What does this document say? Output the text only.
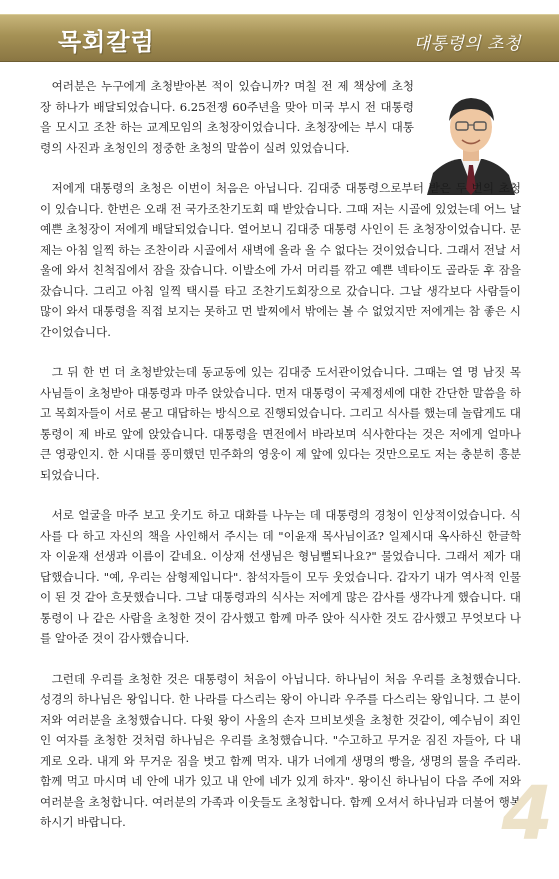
목회칼럼	대통령의 초청

여러분은 누구에게 초청받아본 적이 있습니까? 며칠 전 제 책상에 초청장 하나가 배달되었습니다. 6.25전쟁 60주년을 맞아 미국 부시 전 대통령을 모시고 조찬 하는 교계모임의 초청장이었습니다. 초청장에는 부시 대통령의 사진과 초청인의 정중한 초청의 말씀이 실려 있었습니다.

저에게 대통령의 초청은 이번이 처음은 아닙니다. 김대중 대통령으로부터 받은 두 번의 초청이 있습니다. 한번은 오래 전 국가조찬기도회 때 받았습니다. 그때 저는 시골에 있었는데 어느 날 예쁜 초청장이 저에게 배달되었습니다. 열어보니 김대중 대통령 사인이 든 초청장이었습니다. 문제는 아침 일찍 하는 조찬이라 시골에서 새벽에 올라 올 수 없다는 것이었습니다. 그래서 전날 서울에 와서 친척집에서 잠을 잤습니다. 이발소에 가서 머리를 깎고 예쁜 넥타이도 골라둔 후 잠을 잤습니다. 그리고 아침 일찍 택시를 타고 조찬기도회장으로 갔습니다. 그날 생각보다 사람들이 많이 와서 대통령을 직접 보지는 못하고 먼 발찌에서 밖에는 볼 수 없었지만 저에게는 참 좋은 시간이었습니다.

그 뒤 한 번 더 초청받았는데 동교동에 있는 김대중 도서관이었습니다. 그때는 열 명 남짓 목사님들이 초청받아 대통령과 마주 앉았습니다. 먼저 대통령이 국제정세에 대한 간단한 말씀을 하고 목회자들이 서로 묻고 대답하는 방식으로 진행되었습니다. 그리고 식사를 했는데 놀랍게도 대통령이 제 바로 앞에 앉았습니다. 대통령을 면전에서 바라보며 식사한다는 것은 저에게 얼마나 큰 영광인지. 한 시대를 풍미했던 민주화의 영웅이 제 앞에 있다는 것만으로도 저는 충분히 흥분되었습니다.

서로 얼굴을 마주 보고 웃기도 하고 대화를 나누는 데 대통령의 경청이 인상적이었습니다. 식사를 다 하고 자신의 책을 사인해서 주시는 데 "이윤재 목사님이죠? 일제시대 옥사하신 한글학자 이윤재 선생과 이름이 같네요. 이상재 선생님은 형님뻘되나요?" 물었습니다. 그래서 제가 대답했습니다. "예, 우리는 삼형제입니다". 참석자들이 모두 웃었습니다. 갑자기 내가 역사적 인물이 된 것 같아 흐뭇했습니다. 그날 대통령과의 식사는 저에게 많은 감사를 생각나게 했습니다. 대통령이 나 같은 사람을 초청한 것이 감사했고 함께 마주 앉아 식사한 것도 감사했고 무엇보다 나를 알아준 것이 감사했습니다.

그런데 우리를 초청한 것은 대통령이 처음이 아닙니다. 하나님이 처음 우리를 초청했습니다. 성경의 하나님은 왕입니다. 한 나라를 다스리는 왕이 아니라 우주를 다스리는 왕입니다. 그 분이 저와 여러분을 초청했습니다. 다윗 왕이 사울의 손자 므비보셋을 초청한 것같이, 예수님이 죄인인 여자를 초청한 것처럼 하나님은 우리를 초청했습니다. "수고하고 무거운 짐진 자들아, 다 내게로 오라. 내게 와 무거운 짐을 벗고 함께 먹자. 내가 너에게 생명의 빵을, 생명의 물을 주리라. 함께 먹고 마시며 네 안에 내가 있고 내 안에 네가 있게 하자". 왕이신 하나님이 다음 주에 저와 여러분을 초청합니다. 여러분의 가족과 이웃들도 초청합니다. 함께 오셔서 하나님과 더불어 행복하시기 바랍니다.	4
